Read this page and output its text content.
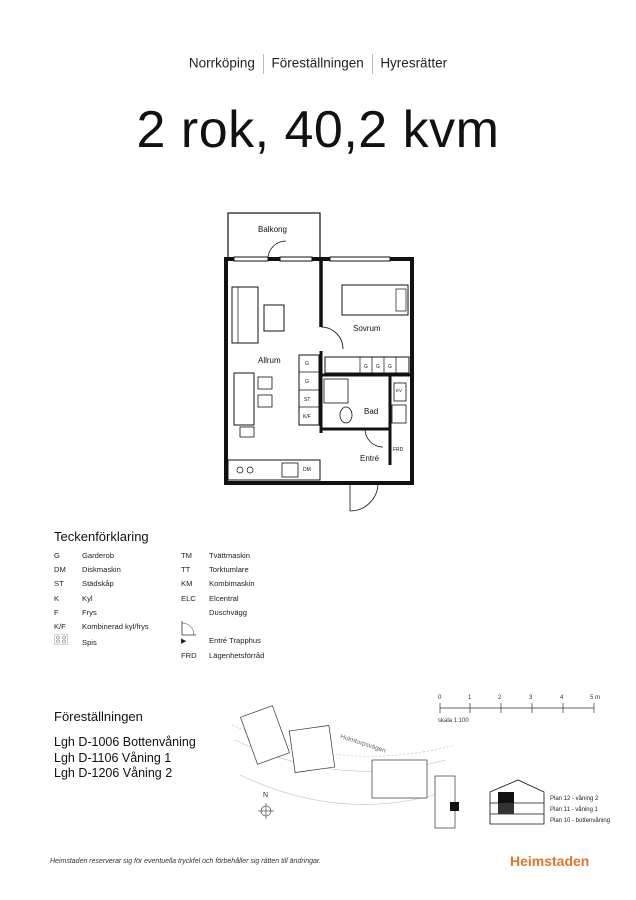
Norrköping Föreställningen Hyresrätter
2 rok, 40,2 kvm
Balkong
Sovrum
Allrum
Bad
Entré
G
G
ST
K/F
DM
G G G
KV
FRD
Teckenförklaring
G	Garderob
DM Diskmaskin
ST Städskåp
K	Kyl
F	Frys
K/F Kombinerad kyl/frys
Spis
TM Tvättmaskin
TT Torktumlare
KM Kombimaskin
ELC Elcentral
Duschvägg
▶	Entré Trapphus
FRD Lägenhetsförråd
Föreställningen
Lgh D-1006 Bottenvåning
Lgh D-1106 Våning 1
Lgh D-1206 Våning 2
0	1	2	3	4	5 m
skala 1:100
Holmtorpsvägen
N	Plan 12 - våning 2
Plan 11 - våning 1
Plan 10 - bottenvåning
Heimstaden reserverar sig för eventuella tryckfel och förbehåller sig rätten till ändringar.	Heimstaden
